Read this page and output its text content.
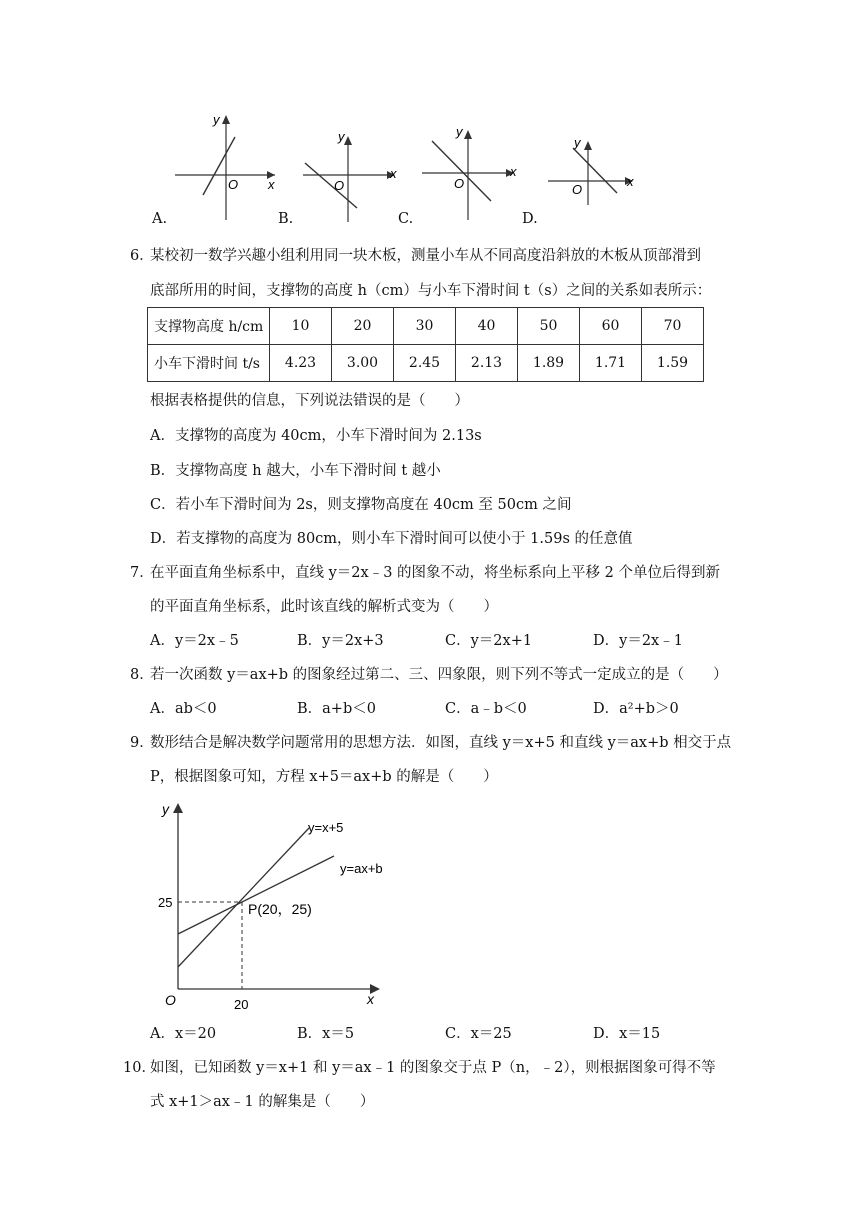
y
x
O
y
x
O
y
x
O
y
x
O
A.	B.	C.	D.
6．
某校初一数学兴趣小组利用同一块木板，测量小车从不同高度沿斜放的木板从顶部滑到
底部所用的时间，支撑物的高度 h（cm）与小车下滑时间 t（s）之间的关系如表所示：
支撑物高度 h/cm	10	20	30	40	50	60	70
小车下滑时间 t/s	4.23	3.00	2.45	2.13	1.89	1.71	1.59
根据表格提供的信息，下列说法错误的是（　　）
A．支撑物的高度为 40cm，小车下滑时间为 2.13s
B．支撑物高度 h 越大，小车下滑时间 t 越小
C．若小车下滑时间为 2s，则支撑物高度在 40cm 至 50cm 之间
D．若支撑物的高度为 80cm，则小车下滑时间可以使小于 1.59s 的任意值
7．
在平面直角坐标系中，直线 y＝2x﹣3 的图象不动，将坐标系向上平移 2 个单位后得到新
的平面直角坐标系，此时该直线的解析式变为（　　）
A．y＝2x﹣5	B．y＝2x+3	C．y＝2x+1	D．y＝2x﹣1
8．
若一次函数 y＝ax+b 的图象经过第二、三、四象限，则下列不等式一定成立的是（　　）
A．ab＜0	B．a+b＜0	C．a﹣b＜0	D．a²+b＞0
9．
数形结合是解决数学问题常用的思想方法．如图，直线 y＝x+5 和直线 y＝ax+b 相交于点
P，根据图象可知，方程 x+5＝ax+b 的解是（　　）
y
x
O
25
20
y=x+5
y=ax+b
P(20，25)
A．x＝20	B．x＝5	C．x＝25	D．x＝15
10．
如图，已知函数 y＝x+1 和 y＝ax﹣1 的图象交于点 P（n，﹣2），则根据图象可得不等
式 x+1＞ax﹣1 的解集是（　　）
